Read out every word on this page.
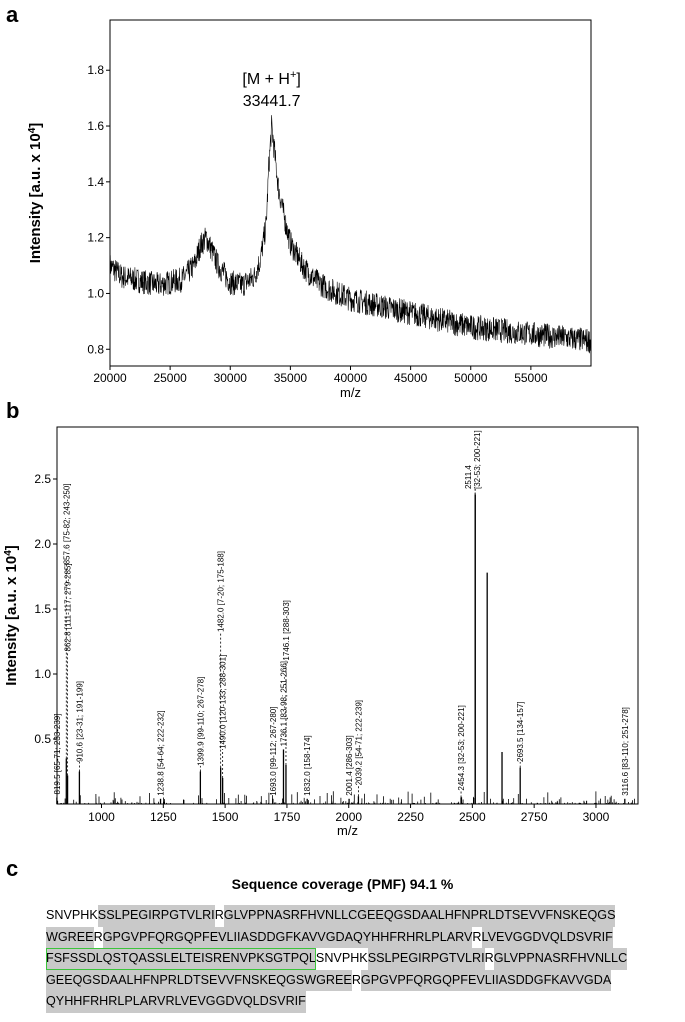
a
b
c
20000 25000 30000 35000 40000 45000 50000 55000
0.8
1.0
1.2
1.4
1.6
1.8
m/z
Intensity [a.u. x $10^4$]
[M + H+]
33441.7
1000	1250	1500	1750	2000	2250	2500	2750	3000
0.5
1.0
1.5
2.0
2.5
m/z
Intensity [a.u. x $10^4$]
819.5 [65-71; 233-239]
857.6 [75-82; 243-250]
862.8 [111-117; 279-285]
910.6 [23-31; 191-199]	1238.8 [54-64; 222-232]	1399.9 [99-110; 267-278]
1482.0 [7-20; 175-188]
1490.0 [120-133; 288-301]
1693.0 [99-112; 267-280]
1736.1 [83-98; 251-266]
1746.1 [288-303]
1832.0 [158-174]	2001.4 [286-303] 2039.2 [54-71; 222-239]	2454.3 [32-53; 200-221]
2511.4 [32-53; 200-221]
2693.5 [134-157]	3116.6 [83-110; 251-278]
Sequence coverage (PMF) 94.1 %
SNVPHKSSLPEGIRPGTVLRIRGLVPPNASRFHVNLLCGEEQGSDAALHFNPRLDTSEVVFNSKEQGS
WGREERGPGVPFQRGQPFEVLIIASDDGFKAVVGDAQYHHFRHRLPLARVRLVEVGGDVQLDSVRIF
FSFSSDLQSTQASSLELTEISRENVPKSGTPQLSNVPHKSSLPEGIRPGTVLRIRGLVPPNASRFHVNLLC
GEEQGSDAALHFNPRLDTSEVVFNSKEQGSWGREERGPGVPFQRGQPFEVLIIASDDGFKAVVGDA
QYHHFRHRLPLARVRLVEVGGDVQLDSVRIF
